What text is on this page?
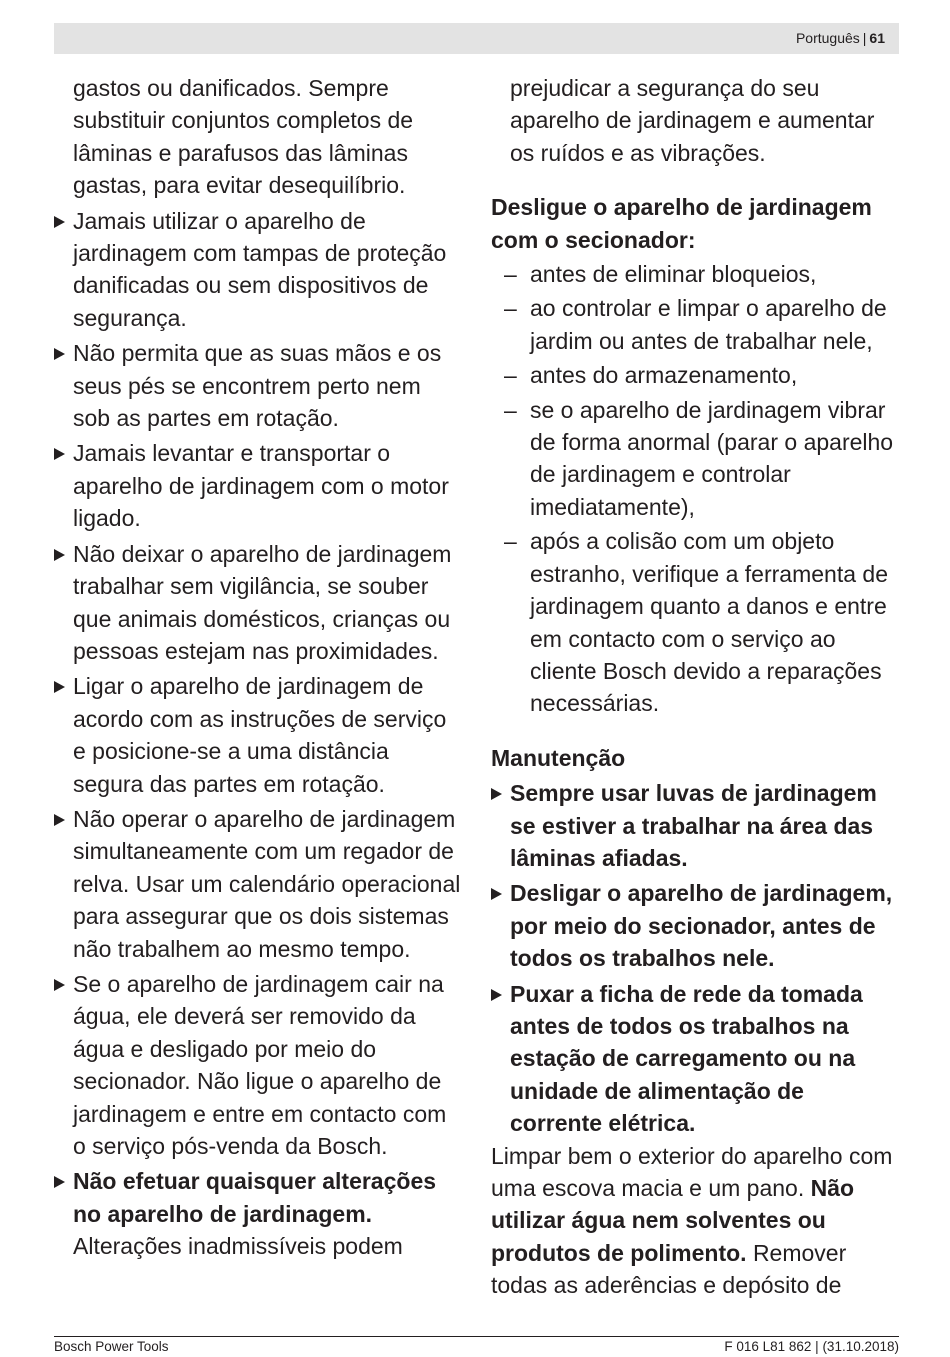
Português | 61

gastos ou danificados. Sempre substituir conjuntos completos de lâminas e parafusos das lâminas gastas, para evitar desequilíbrio.

Jamais utilizar o aparelho de jardinagem com tampas de proteção danificadas ou sem dispositivos de segurança.
Não permita que as suas mãos e os seus pés se encontrem perto nem sob as partes em rotação.
Jamais levantar e transportar o aparelho de jardinagem com o motor ligado.
Não deixar o aparelho de jardinagem trabalhar sem vigilância, se souber que animais domésticos, crianças ou pessoas estejam nas proximidades.
Ligar o aparelho de jardinagem de acordo com as instruções de serviço e posicione-se a uma distância segura das partes em rotação.
Não operar o aparelho de jardinagem simultaneamente com um regador de relva. Usar um calendário operacional para assegurar que os dois sistemas não trabalhem ao mesmo tempo.
Se o aparelho de jardinagem cair na água, ele deverá ser removido da água e desligado por meio do secionador. Não ligue o aparelho de jardinagem e entre em contacto com o serviço pós-venda da Bosch.
Não efetuar quaisquer alterações no aparelho de jardinagem. Alterações inadmissíveis podem

prejudicar a segurança do seu aparelho de jardinagem e aumentar os ruídos e as vibrações.

Desligue o aparelho de jardinagem com o secionador:

– antes de eliminar bloqueios,
– ao controlar e limpar o aparelho de jardim ou antes de trabalhar nele,
– antes do armazenamento,
– se o aparelho de jardinagem vibrar de forma anormal (parar o aparelho de jardinagem e controlar imediatamente),
– após a colisão com um objeto estranho, verifique a ferramenta de jardinagem quanto a danos e entre em contacto com o serviço ao cliente Bosch devido a reparações necessárias.

Manutenção

Sempre usar luvas de jardinagem se estiver a trabalhar na área das lâminas afiadas.
Desligar o aparelho de jardinagem, por meio do secionador, antes de todos os trabalhos nele.
Puxar a ficha de rede da tomada antes de todos os trabalhos na estação de carregamento ou na unidade de alimentação de corrente elétrica.

Limpar bem o exterior do aparelho com uma escova macia e um pano. Não utilizar água nem solventes ou produtos de polimento. Remover todas as aderências e depósito de

Bosch Power Tools	F 016 L81 862 | (31.10.2018)
